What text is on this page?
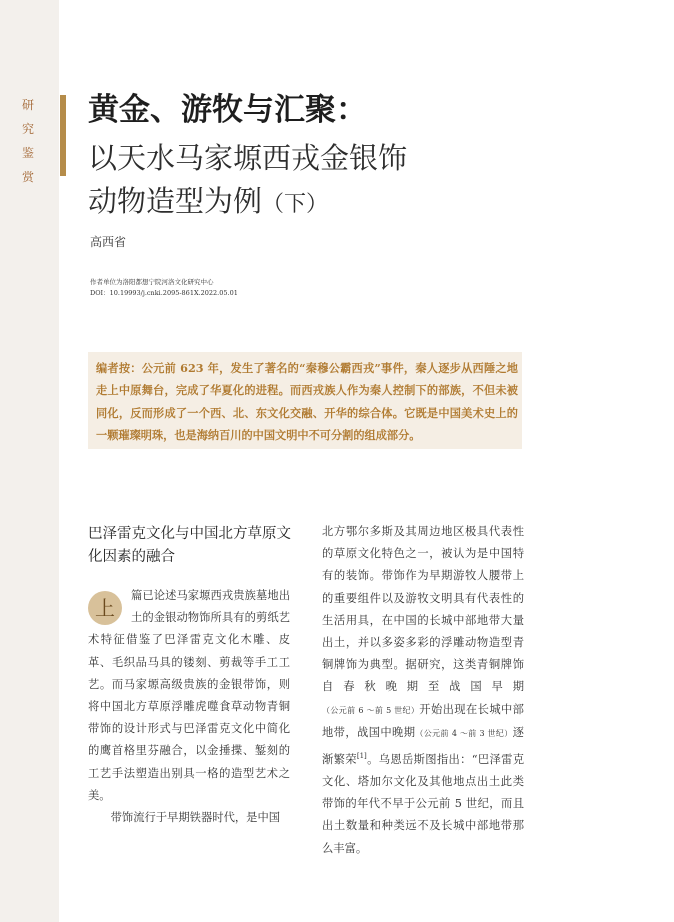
研
究
鉴
赏
黄金、游牧与汇聚：
以天水马家塬西戎金银饰
动物造型为例（下）
高西省
作者单位为洛阳都想宁院河洛文化研究中心
DOI：10.19993/j.cnki.2095-861X.2022.05.01
编者按：公元前 623 年，发生了著名的“秦穆公霸西戎”事件，秦人逐步从西陲之地走上中原舞台，完成了华夏化的进程。而西戎族人作为秦人控制下的部族，不但未被同化，反而形成了一个西、北、东文化交融、开华的综合体。它既是中国美术史上的一颗璀璨明珠，也是海纳百川的中国文明中不可分割的组成部分。
巴泽雷克文化与中国北方草原文化因素的融合

上
篇已论述马家塬西戎贵族墓地出土的金银动物饰所具有的剪纸艺术特征借鉴了巴泽雷克文化木雕、皮革、毛织品马具的镂刻、剪裁等手工工艺。而马家塬高级贵族的金银带饰，则将中国北方草原浮雕虎噬食草动物青铜带饰的设计形式与巴泽雷克文化中简化的鹰首格里芬融合，以金捶揲、錾刻的工艺手法塑造出别具一格的造型艺术之美。

带饰流行于早期铁器时代，是中国

北方鄂尔多斯及其周边地区极具代表性的草原文化特色之一，被认为是中国特有的装饰。带饰作为早期游牧人腰带上的重要组件以及游牧文明具有代表性的生活用具，在中国的长城中部地带大量出土，并以多姿多彩的浮雕动物造型青铜牌饰为典型。据研究，这类青铜牌饰自春秋晚期至战国早期（公元前 6 ～前 5 世纪）开始出现在长城中部地带，战国中晚期（公元前 4 ～前 3 世纪）逐渐繁荣[1]。乌恩岳斯图指出：“巴泽雷克文化、塔加尔文化及其他地点出土此类带饰的年代不早于公元前 5 世纪，而且出土数量和种类远不及长城中部地带那么丰富。
